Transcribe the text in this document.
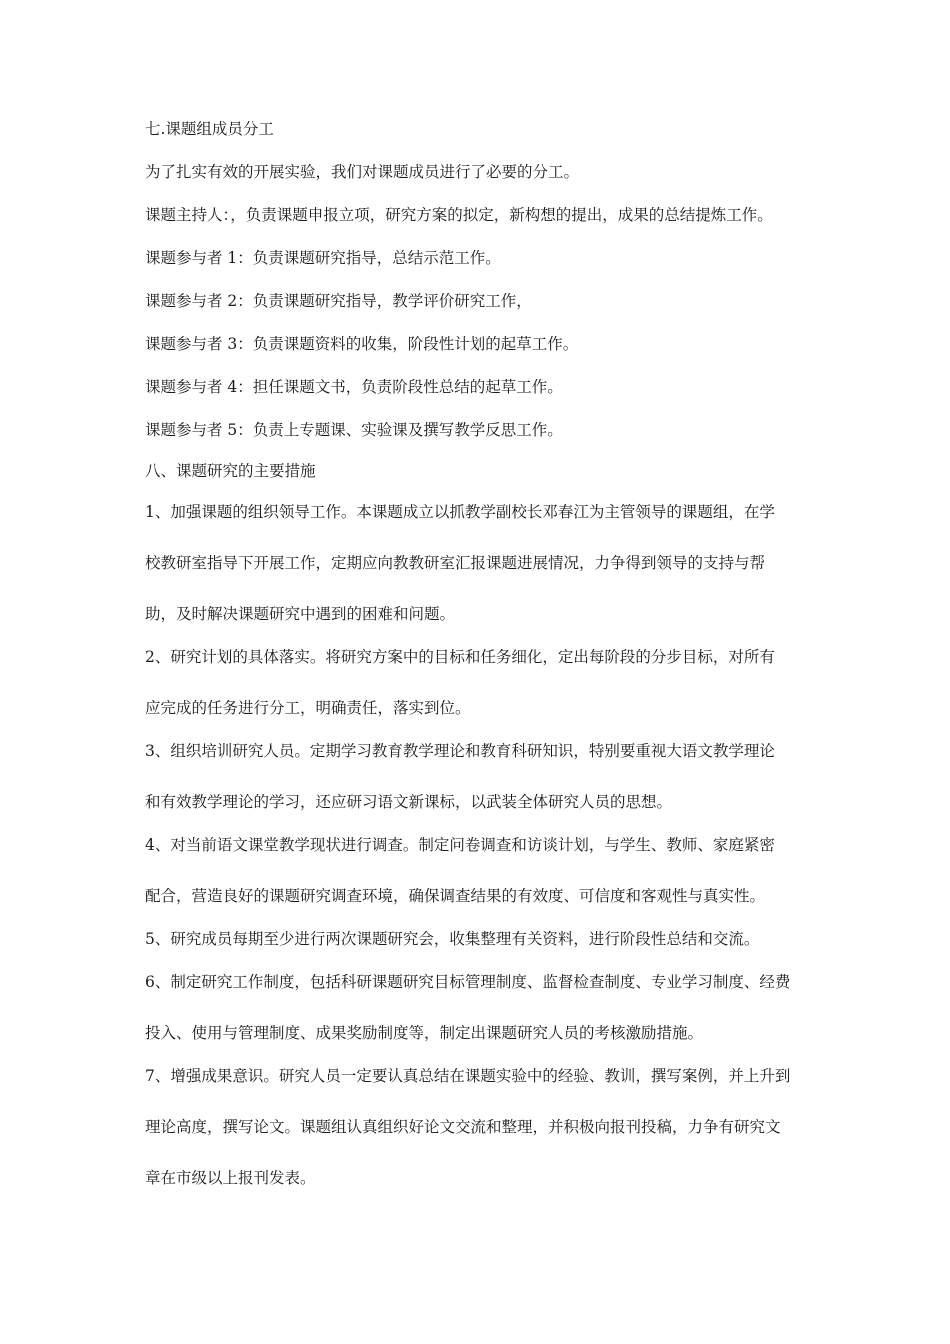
七.课题组成员分工
为了扎实有效的开展实验，我们对课题成员进行了必要的分工。
课题主持人：，负责课题申报立项，研究方案的拟定，新构想的提出，成果的总结提炼工作。
课题参与者 1：负责课题研究指导，总结示范工作。
课题参与者 2：负责课题研究指导，教学评价研究工作，
课题参与者 3：负责课题资料的收集，阶段性计划的起草工作。
课题参与者 4：担任课题文书，负责阶段性总结的起草工作。
课题参与者 5：负责上专题课、实验课及撰写教学反思工作。
八、课题研究的主要措施
1、加强课题的组织领导工作。本课题成立以抓教学副校长邓春江为主管领导的课题组，在学
校教研室指导下开展工作，定期应向教教研室汇报课题进展情况，力争得到领导的支持与帮
助，及时解决课题研究中遇到的困难和问题。
2、研究计划的具体落实。将研究方案中的目标和任务细化，定出每阶段的分步目标，对所有
应完成的任务进行分工，明确责任，落实到位。
3、组织培训研究人员。定期学习教育教学理论和教育科研知识，特别要重视大语文教学理论
和有效教学理论的学习，还应研习语文新课标，以武装全体研究人员的思想。
4、对当前语文课堂教学现状进行调查。制定问卷调查和访谈计划，与学生、教师、家庭紧密
配合，营造良好的课题研究调查环境，确保调查结果的有效度、可信度和客观性与真实性。
5、研究成员每期至少进行两次课题研究会，收集整理有关资料，进行阶段性总结和交流。
6、制定研究工作制度，包括科研课题研究目标管理制度、监督检查制度、专业学习制度、经费
投入、使用与管理制度、成果奖励制度等，制定出课题研究人员的考核激励措施。
7、增强成果意识。研究人员一定要认真总结在课题实验中的经验、教训，撰写案例，并上升到
理论高度，撰写论文。课题组认真组织好论文交流和整理，并积极向报刊投稿，力争有研究文
章在市级以上报刊发表。
